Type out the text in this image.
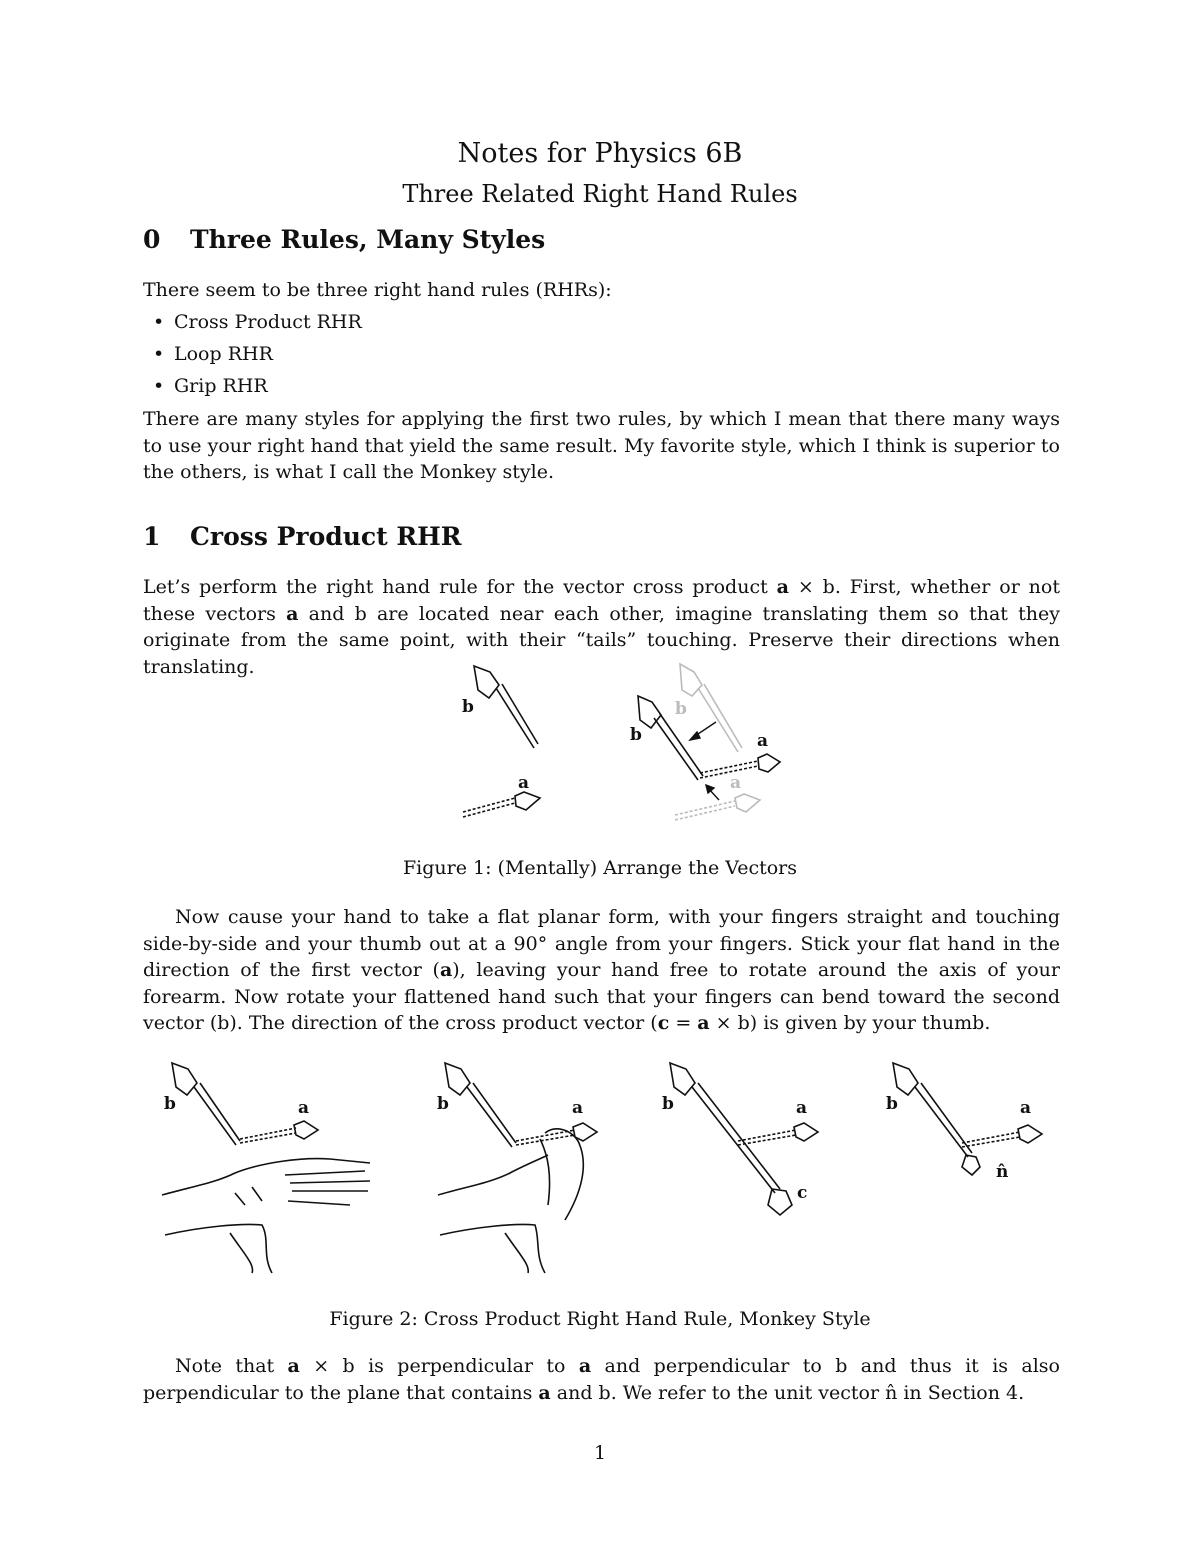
Notes for Physics 6B
Three Related Right Hand Rules
0 Three Rules, Many Styles
There seem to be three right hand rules (RHRs):
• Cross Product RHR
• Loop RHR
• Grip RHR
There are many styles for applying the first two rules, by which I mean that there many ways to use your right hand that yield the same result. My favorite style, which I think is superior to the others, is what I call the Monkey style.
1 Cross Product RHR
Let’s perform the right hand rule for the vector cross product a × b. First, whether or not these vectors a and b are located near each other, imagine translating them so that they originate from the same point, with their “tails” touching. Preserve their directions when translating.
b
a
b
b	a
a
Figure 1: (Mentally) Arrange the Vectors
Now cause your hand to take a flat planar form, with your fingers straight and touching side-by-side and your thumb out at a 90° angle from your fingers. Stick your flat hand in the direction of the first vector (a), leaving your hand free to rotate around the axis of your forearm. Now rotate your flattened hand such that your fingers can bend toward the second vector (b). The direction of the cross product vector (c = a × b) is given by your thumb.
b	a	b	a	b	a
c
b	a
n̂
Figure 2: Cross Product Right Hand Rule, Monkey Style
Note that a × b is perpendicular to a and perpendicular to b and thus it is also perpendicular to the plane that contains a and b. We refer to the unit vector n̂ in Section 4.
1
